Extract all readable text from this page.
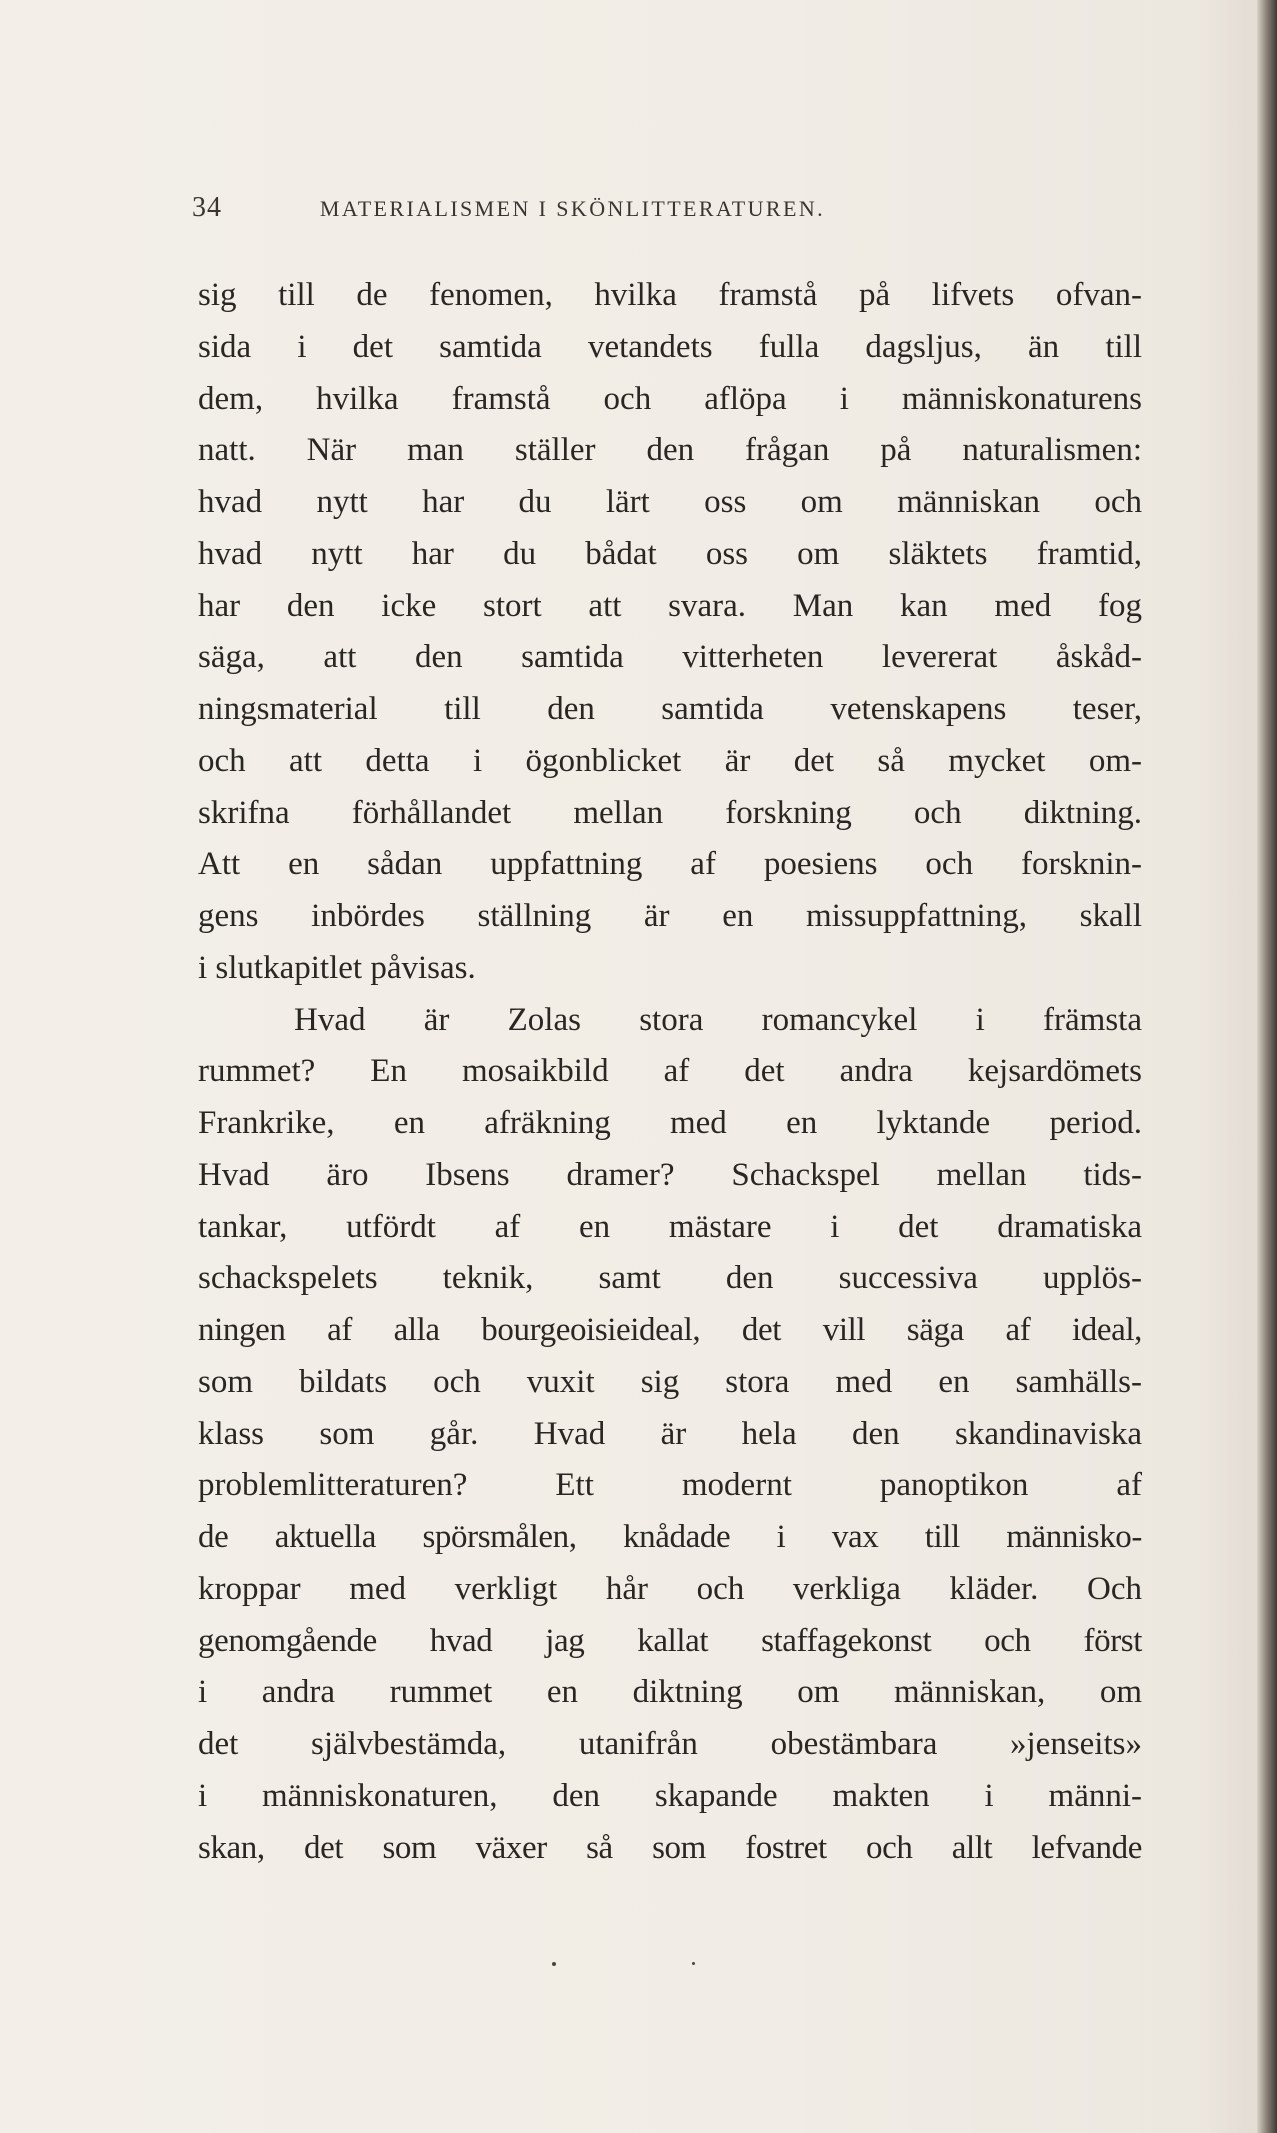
34	MATERIALISMEN I SKÖNLITTERATUREN.
sig till de fenomen, hvilka framstå på lifvets ofvan-
sida i det samtida vetandets fulla dagsljus, än till
dem, hvilka framstå och aflöpa i människonaturens
natt. När man ställer den frågan på naturalismen:
hvad nytt har du lärt oss om människan och
hvad nytt har du bådat oss om släktets framtid,
har den icke stort att svara. Man kan med fog
säga, att den samtida vitterheten levererat åskåd-
ningsmaterial till den samtida vetenskapens teser,
och att detta i ögonblicket är det så mycket om-
skrifna förhållandet mellan forskning och diktning.
Att en sådan uppfattning af poesiens och forsknin-
gens inbördes ställning är en missuppfattning, skall
i slutkapitlet påvisas.
Hvad är Zolas stora romancykel i främsta
rummet? En mosaikbild af det andra kejsardömets
Frankrike, en afräkning med en lyktande period.
Hvad äro Ibsens dramer? Schackspel mellan tids-
tankar, utfördt af en mästare i det dramatiska
schackspelets teknik, samt den successiva upplös-
ningen af alla bourgeoisieideal, det vill säga af ideal,
som bildats och vuxit sig stora med en samhälls-
klass som går. Hvad är hela den skandinaviska
problemlitteraturen? Ett modernt panoptikon af
de aktuella spörsmålen, knådade i vax till människo-
kroppar med verkligt hår och verkliga kläder. Och
genomgående hvad jag kallat staffagekonst och först
i andra rummet en diktning om människan, om
det självbestämda, utanifrån obestämbara »jenseits»
i människonaturen, den skapande makten i männi-
skan, det som växer så som fostret och allt lefvande
